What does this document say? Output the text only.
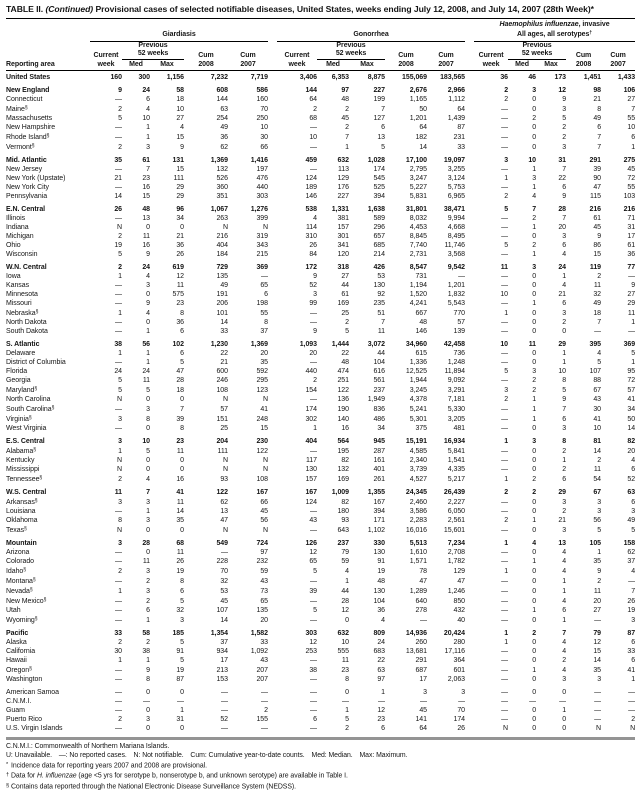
TABLE II. (Continued) Provisional cases of selected notifiable diseases, United States, weeks ending July 12, 2008, and July 14, 2007 (28th Week)*
Reporting area	Giardiasis						Gonorrhea						Haemophilus influenzae, invasive
All ages, all serotypes†
	Current
week	Previous
52 weeks		Cum
2008	Cum
2007		Current
week	Previous
52 weeks		Cum
2008	Cum
2007		Current
week	Previous
52 weeks		Cum
2008	Cum
2007
		Med	Max					Med	Max					Med	Max		
United States	160	300	1,156	7,232	7,719		3,406	6,353	8,875	155,069	183,565		36	46	173	1,451	1,433
New England	9	24	58	608	586		144	97	227	2,676	2,966		2	3	12	98	106
Connecticut	—	6	18	144	160		64	48	199	1,165	1,112		2	0	9	21	27
Maine§	2	4	10	63	70		2	2	7	50	64		—	0	3	8	7
Massachusetts	5	10	27	254	250		68	45	127	1,201	1,439		—	2	5	49	55
New Hampshire	—	1	4	49	10		—	2	6	64	87		—	0	2	6	10
Rhode Island§	—	1	15	36	30		10	7	13	182	231		—	0	2	7	6
Vermont§	2	3	9	62	66		—	1	5	14	33		—	0	3	7	1
Mid. Atlantic	35	61	131	1,369	1,416		459	632	1,028	17,100	19,097		3	10	31	291	275
New Jersey	—	7	15	132	197		—	113	174	2,795	3,255		—	1	7	39	45
New York (Upstate)	21	23	111	526	476		124	129	545	3,247	3,124		1	3	22	90	72
New York City	—	16	29	360	440		189	176	525	5,227	5,753		—	1	6	47	55
Pennsylvania	14	15	29	351	303		146	227	394	5,831	6,965		2	4	9	115	103
E.N. Central	26	48	96	1,067	1,276		538	1,331	1,638	31,801	38,471		5	7	28	216	216
Illinois	—	13	34	263	399		4	381	589	8,032	9,994		—	2	7	61	71
Indiana	N	0	0	N	N		114	157	296	4,453	4,668		—	1	20	45	31
Michigan	2	11	21	216	319		310	301	657	8,845	8,495		—	0	3	9	17
Ohio	19	16	36	404	343		26	341	685	7,740	11,746		5	2	6	86	61
Wisconsin	5	9	26	184	215		84	120	214	2,731	3,568		—	1	4	15	36
W.N. Central	2	24	619	729	369		172	318	426	8,547	9,542		11	3	24	119	77
Iowa	1	4	12	135	—		9	27	53	731	—		—	0	1	2	—
Kansas	—	3	11	49	65		52	44	130	1,194	1,201		—	0	4	11	9
Minnesota	—	0	575	191	6		3	61	92	1,520	1,832		10	0	21	32	27
Missouri	—	9	23	206	198		99	169	235	4,241	5,543		—	1	6	49	29
Nebraska§	1	4	8	101	55		—	25	51	667	770		1	0	3	18	11
North Dakota	—	0	36	14	8		—	2	7	48	57		—	0	2	7	1
South Dakota	—	1	6	33	37		9	5	11	146	139		—	0	0	—	—
S. Atlantic	38	56	102	1,230	1,369		1,093	1,444	3,072	34,960	42,458		10	11	29	395	369
Delaware	1	1	6	22	20		20	22	44	615	736		—	0	1	4	5
District of Columbia	—	1	5	21	35		—	48	104	1,336	1,248		—	0	1	5	1
Florida	24	24	47	600	592		440	474	616	12,525	11,894		5	3	10	107	95
Georgia	5	11	28	246	295		2	251	561	1,944	9,092		—	2	8	88	72
Maryland§	5	5	18	108	123		154	122	237	3,245	3,291		3	2	5	67	57
North Carolina	N	0	0	N	N		—	136	1,949	4,378	7,181		2	1	9	43	41
South Carolina§	—	3	7	57	41		174	190	836	5,241	5,330		—	1	7	30	34
Virginia§	3	8	39	151	248		302	140	486	5,301	3,205		—	1	6	41	50
West Virginia	—	0	8	25	15		1	16	34	375	481		—	0	3	10	14
E.S. Central	3	10	23	204	230		404	564	945	15,191	16,934		1	3	8	81	82
Alabama§	1	5	11	111	122		—	195	287	4,585	5,841		—	0	2	14	20
Kentucky	N	0	0	N	N		117	82	161	2,340	1,541		—	0	1	2	4
Mississippi	N	0	0	N	N		130	132	401	3,739	4,335		—	0	2	11	6
Tennessee§	2	4	16	93	108		157	169	261	4,527	5,217		1	2	6	54	52
W.S. Central	11	7	41	122	167		167	1,009	1,355	24,345	26,439		2	2	29	67	63
Arkansas§	3	3	11	62	66		124	82	167	2,460	2,227		—	0	3	3	6
Louisiana	—	1	14	13	45		—	180	394	3,586	6,050		—	0	2	3	3
Oklahoma	8	3	35	47	56		43	93	171	2,283	2,561		2	1	21	56	49
Texas§	N	0	0	N	N		—	643	1,102	16,016	15,601		—	0	3	5	5
Mountain	3	28	68	549	724		126	237	330	5,513	7,234		1	4	13	105	158
Arizona	—	0	11	—	97		12	79	130	1,610	2,708		—	0	4	1	62
Colorado	—	11	26	228	232		65	59	91	1,571	1,782		—	1	4	35	37
Idaho§	2	3	19	70	59		5	4	19	78	129		1	0	4	9	4
Montana§	—	2	8	32	43		—	1	48	47	47		—	0	1	2	—
Nevada§	1	3	6	53	73		39	44	130	1,289	1,246		—	0	1	11	7
New Mexico§	—	2	5	45	65		—	28	104	640	850		—	0	4	20	26
Utah	—	6	32	107	135		5	12	36	278	432		—	1	6	27	19
Wyoming§	—	1	3	14	20		—	0	4	—	40		—	0	1	—	3
Pacific	33	58	185	1,354	1,582		303	632	809	14,936	20,424		1	2	7	79	87
Alaska	2	2	5	37	33		12	10	24	260	280		1	0	4	12	6
California	30	38	91	934	1,092		253	555	683	13,681	17,116		—	0	4	15	33
Hawaii	1	1	5	17	43		—	11	22	291	364		—	0	2	14	6
Oregon§	—	9	19	213	207		38	23	63	687	601		—	1	4	35	41
Washington	—	8	87	153	207		—	8	97	17	2,063		—	0	3	3	1
American Samoa	—	0	0	—	—		—	0	1	3	3		—	0	0	—	—
C.N.M.I.	—	—	—	—	—		—	—	—	—	—		—	—	—	—	—
Guam	—	0	1	—	2		—	1	12	45	70		—	0	1	—	—
Puerto Rico	2	3	31	52	155		6	5	23	141	174		—	0	0	—	2
U.S. Virgin Islands	—	0	0	—	—		—	2	6	64	26		N	0	0	N	N
C.N.M.I.: Commonwealth of Northern Mariana Islands.
U: Unavailable. —: No reported cases. N: Not notifiable. Cum: Cumulative year-to-date counts. Med: Median. Max: Maximum.
* Incidence data for reporting years 2007 and 2008 are provisional.
† Data for H. influenzae (age <5 yrs for serotype b, nonserotype b, and unknown serotype) are available in Table I.
§ Contains data reported through the National Electronic Disease Surveillance System (NEDSS).
